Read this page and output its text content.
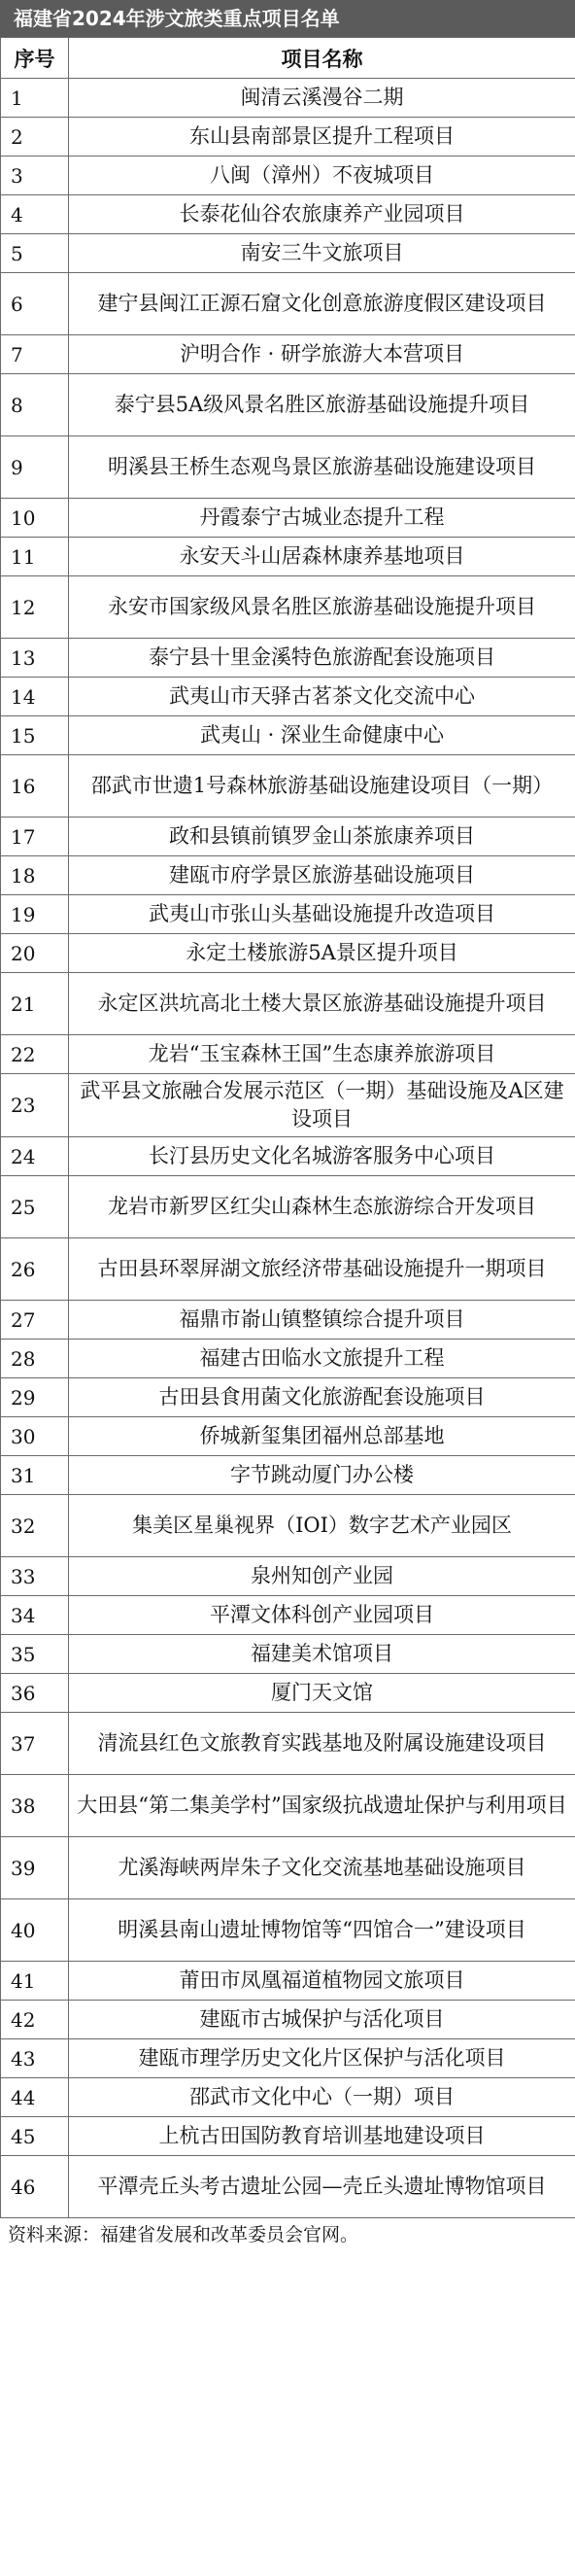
福建省2024年涉文旅类重点项目名单
序号	项目名称
1	闽清云溪漫谷二期
2	东山县南部景区提升工程项目
3	八闽（漳州）不夜城项目
4	长泰花仙谷农旅康养产业园项目
5	南安三牛文旅项目
6	建宁县闽江正源石窟文化创意旅游度假区建设项目
7	沪明合作 · 研学旅游大本营项目
8	泰宁县5A级风景名胜区旅游基础设施提升项目
9	明溪县王桥生态观鸟景区旅游基础设施建设项目
10	丹霞泰宁古城业态提升工程
11	永安天斗山居森林康养基地项目
12	永安市国家级风景名胜区旅游基础设施提升项目
13	泰宁县十里金溪特色旅游配套设施项目
14	武夷山市天驿古茗茶文化交流中心
15	武夷山 · 深业生命健康中心
16	邵武市世遗1号森林旅游基础设施建设项目（一期）
17	政和县镇前镇罗金山茶旅康养项目
18	建瓯市府学景区旅游基础设施项目
19	武夷山市张山头基础设施提升改造项目
20	永定土楼旅游5A景区提升项目
21	永定区洪坑高北土楼大景区旅游基础设施提升项目
22	龙岩“玉宝森林王国”生态康养旅游项目
23	武平县文旅融合发展示范区（一期）基础设施及A区建设项目
24	长汀县历史文化名城游客服务中心项目
25	龙岩市新罗区红尖山森林生态旅游综合开发项目
26	古田县环翠屏湖文旅经济带基础设施提升一期项目
27	福鼎市嵛山镇整镇综合提升项目
28	福建古田临水文旅提升工程
29	古田县食用菌文化旅游配套设施项目
30	侨城新玺集团福州总部基地
31	字节跳动厦门办公楼
32	集美区星巢视界（IOI）数字艺术产业园区
33	泉州知创产业园
34	平潭文体科创产业园项目
35	福建美术馆项目
36	厦门天文馆
37	清流县红色文旅教育实践基地及附属设施建设项目
38	大田县“第二集美学村”国家级抗战遗址保护与利用项目
39	尤溪海峡两岸朱子文化交流基地基础设施项目
40	明溪县南山遗址博物馆等“四馆合一”建设项目
41	莆田市凤凰福道植物园文旅项目
42	建瓯市古城保护与活化项目
43	建瓯市理学历史文化片区保护与活化项目
44	邵武市文化中心（一期）项目
45	上杭古田国防教育培训基地建设项目
46	平潭壳丘头考古遗址公园—壳丘头遗址博物馆项目
资料来源：福建省发展和改革委员会官网。
